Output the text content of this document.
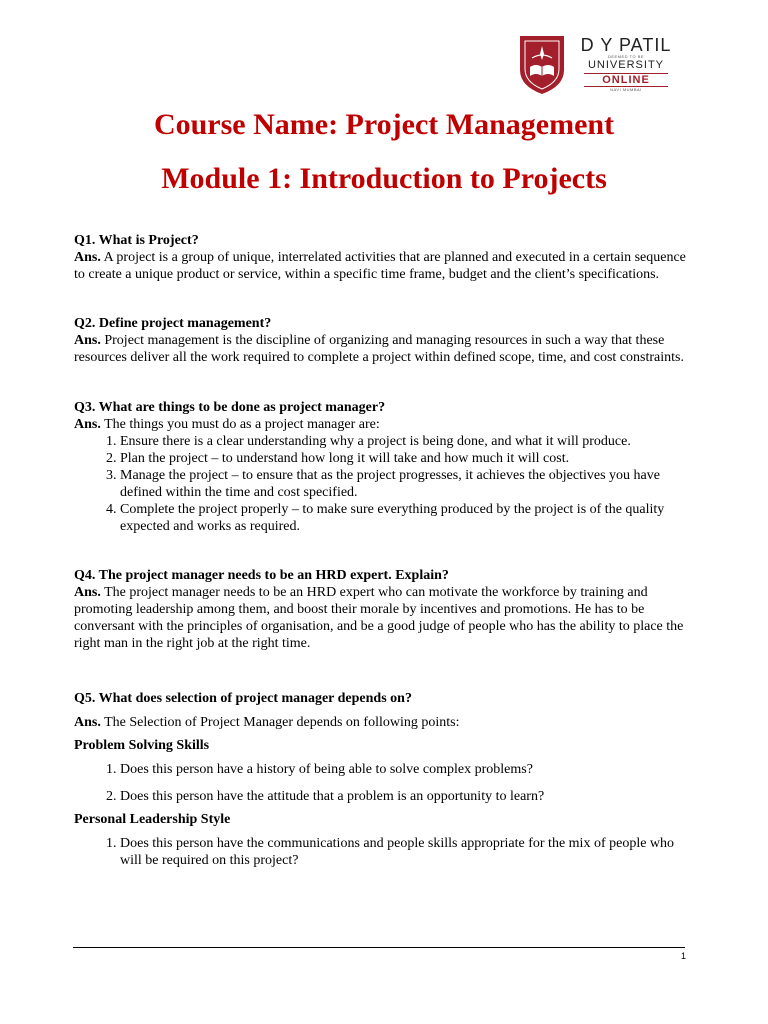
D Y PATIL
DEEMED TO BE
UNIVERSITY
ONLINE
NAVI MUMBAI
Course Name: Project Management
Module 1: Introduction to Projects

Q1. What is Project?

Ans. A project is a group of unique, interrelated activities that are planned and executed in a certain sequence to create a unique product or service, within a specific time frame, budget and the client’s specifications.

Q2. Define project management?

Ans. Project management is the discipline of organizing and managing resources in such a way that these resources deliver all the work required to complete a project within defined scope, time, and cost constraints.

Q3. What are things to be done as project manager?

Ans. The things you must do as a project manager are:

1. Ensure there is a clear understanding why a project is being done, and what it will produce.
2. Plan the project – to understand how long it will take and how much it will cost.
3. Manage the project – to ensure that as the project progresses, it achieves the objectives you have defined within the time and cost specified.
4. Complete the project properly – to make sure everything produced by the project is of the quality expected and works as required.

Q4. The project manager needs to be an HRD expert. Explain?

Ans. The project manager needs to be an HRD expert who can motivate the workforce by training and promoting leadership among them, and boost their morale by incentives and promotions. He has to be conversant with the principles of organisation, and be a good judge of people who has the ability to place the right man in the right job at the right time.

Q5. What does selection of project manager depends on?

Ans. The Selection of Project Manager depends on following points:

Problem Solving Skills

1. Does this person have a history of being able to solve complex problems?
2. Does this person have the attitude that a problem is an opportunity to learn?

Personal Leadership Style

1. Does this person have the communications and people skills appropriate for the mix of people who will be required on this project?
1
